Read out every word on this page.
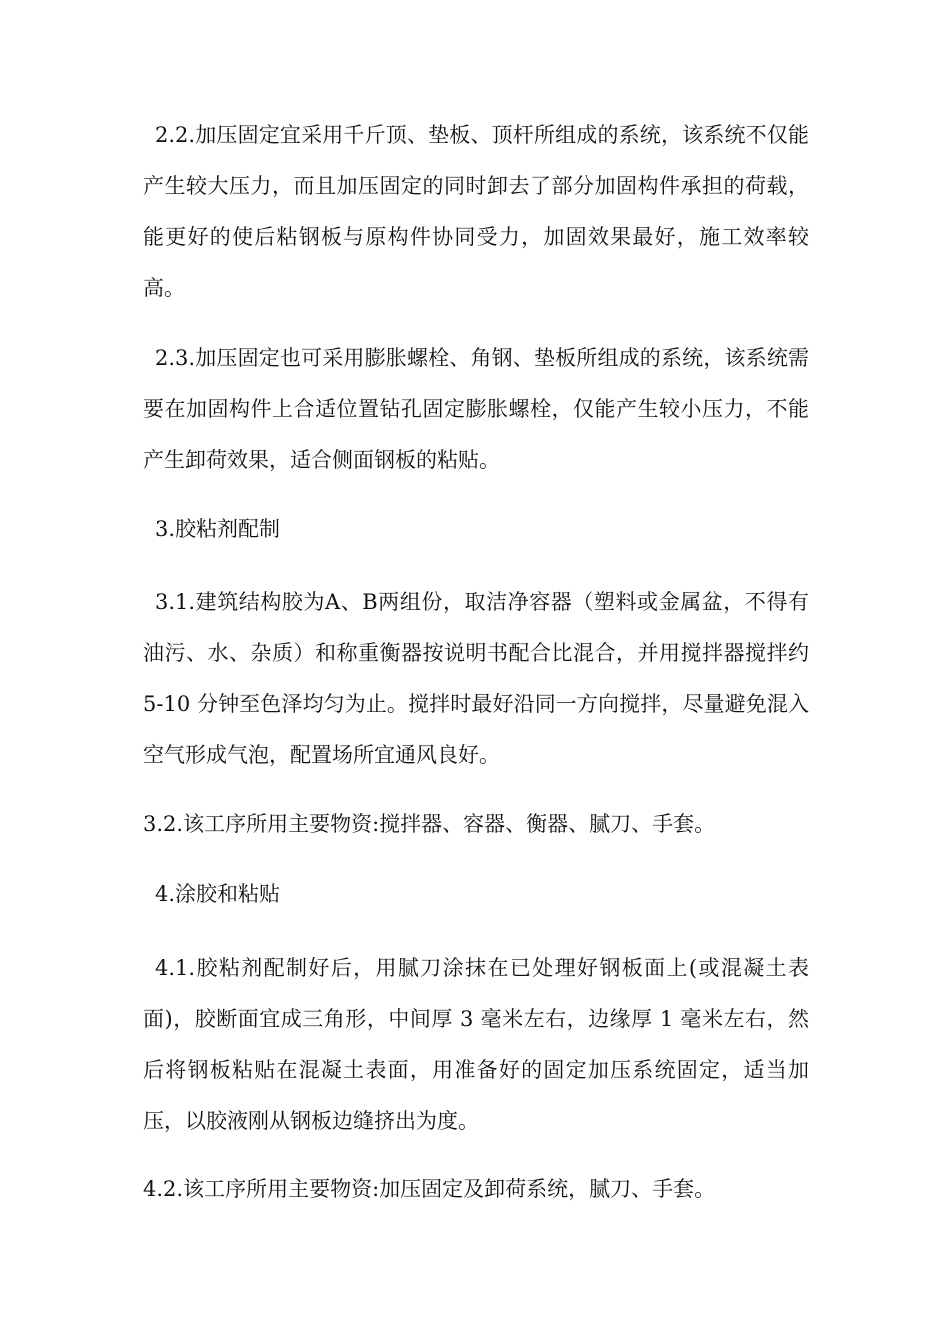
2.2.加压固定宜采用千斤顶、垫板、顶杆所组成的系统，该系统不仅能产生较大压力，而且加压固定的同时卸去了部分加固构件承担的荷载，能更好的使后粘钢板与原构件协同受力，加固效果最好，施工效率较高。

2.3.加压固定也可采用膨胀螺栓、角钢、垫板所组成的系统，该系统需要在加固构件上合适位置钻孔固定膨胀螺栓，仅能产生较小压力，不能产生卸荷效果，适合侧面钢板的粘贴。

3.胶粘剂配制

3.1.建筑结构胶为A、B两组份，取洁净容器（塑料或金属盆，不得有油污、水、杂质）和称重衡器按说明书配合比混合，并用搅拌器搅拌约 5-10 分钟至色泽均匀为止。搅拌时最好沿同一方向搅拌，尽量避免混入空气形成气泡，配置场所宜通风良好。

3.2.该工序所用主要物资:搅拌器、容器、衡器、腻刀、手套。

4.涂胶和粘贴

4.1.胶粘剂配制好后，用腻刀涂抹在已处理好钢板面上(或混凝土表面)，胶断面宜成三角形，中间厚 3 毫米左右，边缘厚 1 毫米左右，然后将钢板粘贴在混凝土表面，用准备好的固定加压系统固定，适当加压，以胶液刚从钢板边缝挤出为度。

4.2.该工序所用主要物资:加压固定及卸荷系统，腻刀、手套。
